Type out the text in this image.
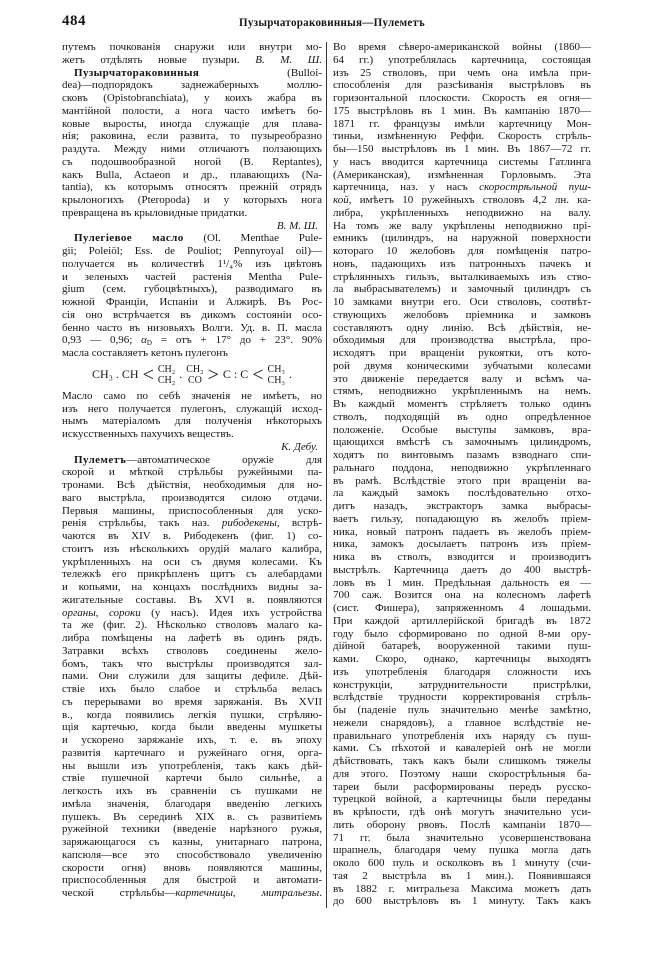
484	Пузырчатораковинныя—Пулеметъ
путемъ почкованія снаружи или внутри мо-
жетъ отдѣлять новые пузыри. В. М. Ш.
Пузырчатораковинныя (Bulloi-
dea)—подпорядокъ заднежаберныхъ моллю-
сковъ (Opistobranchiata), у коихъ жабра въ
мантійной полости, а нога часто имѣетъ бо-
ковые выросты, иногда служащіе для плава-
нія; раковина, если развита, то пузыреобразно
раздута. Между ними отличаютъ ползающихъ
съ подошвообразной ногой (B. Reptantes),
какъ Bulla, Actaeon и др., плавающихъ (Na-
tantia), къ которымъ относятъ прежній отрядъ
крылоногихъ (Pteropoda) и у которыхъ нога
превращена въ крыловидные придатки.
В. М. Ш.
Пулегіевое масло (Ol. Menthae Pule-
gii; Poleiöl; Ess. de Pouliot; Pennyroyal oil)—
получается въ количествѣ 1¹/₄% изъ цвѣтовъ
и зеленыхъ частей растенія Mentha Pule-
gium (сем. губоцвѣтныхъ), разводимаго въ
южной Франціи, Испаніи и Алжирѣ. Въ Рос-
сія оно встрѣчается въ дикомъ состояніи осо-
бенно часто въ низовьяхъ Волги. Уд. в. П. масла
0,93 — 0,96; $\alpha_D$ = отъ + 17° до + 23°. 90%
масла составляетъ кетонъ пулегонъ
CH₃ . CH < CH₂
CH₂ . CH₂
CO > C : C < CH₃
CH₃ .
Масло само по себѣ значенія не имѣетъ, но
изъ него получается пулегонъ, служащій исход-
нымъ матеріаломъ для полученія нѣкоторыхъ
искусственныхъ пахучихъ веществъ.
К. Дебу.
Пулеметъ—автоматическое оружіе для
скорой и мѣткой стрѣльбы ружейными па-
тронами. Всѣ дѣйствія, необходимыя для но-
ваго выстрѣла, производятся силою отдачи.
Первыя машины, приспособленныя для уско-
ренія стрѣльбы, такъ наз. рибодекены, встрѣ-
чаются въ XIV в. Рибодекенъ (фиг. 1) со-
стоитъ изъ нѣсколькихъ орудій малаго калибра,
укрѣпленныхъ на оси съ двумя колесами. Къ
тележкѣ его прикрѣпленъ щитъ съ алебардами
и копьями, на концахъ послѣднихъ видны за-
жигательные составы. Въ XVI в. появляются
органы, сороки (у насъ). Идея ихъ устройства
та же (фиг. 2). Нѣсколько стволовъ малаго ка-
либра помѣщены на лафетѣ въ одинъ рядъ.
Затравки всѣхъ стволовъ соединены жело-
бомъ, такъ что выстрѣлы производятся зал-
пами. Они служили для защиты дефиле. Дѣй-
ствіе ихъ было слабое и стрѣльба велась
съ перерывами во время заряжанія. Въ XVII
в., когда появились легкія пушки, стрѣляю-
щія картечью, когда были введены мушкеты
и ускорено заряжаніе ихъ, т. е. въ эпоху
развитія картечнаго и ружейнаго огня, орга-
ны вышли изъ употребленія, такъ какъ дѣй-
ствіе пушечной картечи было сильнѣе, а
легкость ихъ въ сравненіи съ пушками не
имѣла значенія, благодаря введенію легкихъ
пушекъ. Въ серединѣ XIX в. съ развитіемъ
ружейной техники (введеніе нарѣзного ружья,
заряжающагося съ казны, унитарнаго патрона,
капсюля—все это способствовало увеличенію
скорости огня) вновь появляются машины,
приспособленныя для быстрой и автомати-
ческой стрѣльбы—картечницы, митральезы.
Во время сѣверо-американской войны (1860—
64 гг.) употреблялась картечница, состоящая
изъ 25 стволовъ, при чемъ она имѣла при-
способленія для разсѣиванія выстрѣловъ въ
горизонтальной плоскости. Скорость ея огня—
175 выстрѣловъ въ 1 мин. Въ кампанію 1870—
1871 гг. французы имѣли картечницу Мон-
тиньи, измѣненную Реффи. Скорость стрѣль-
бы—150 выстрѣловъ въ 1 мин. Въ 1867—72 гг.
у насъ вводится картечница системы Гатлинга
(Американская), измѣненная Горловымъ. Эта
картечница, наз. у насъ скорострѣльной пуш-
кой, имѣетъ 10 ружейныхъ стволовъ 4,2 лн. ка-
либра, укрѣпленныхъ неподвижно на валу.
На томъ же валу укрѣплены неподвижно прі-
емникъ (цилиндръ, на наружной поверхности
котораго 10 желобовъ для помѣщенія патро-
новъ, падающихъ изъ патронныхъ пачекъ и
стрѣлянныхъ гильзъ, выталкиваемыхъ изъ ство-
ла выбрасывателемъ) и замочный цилиндръ съ
10 замками внутри его. Оси стволовъ, соотвѣт-
ствующихъ желобовъ пріемника и замковъ
составляютъ одну линію. Всѣ дѣйствія, не-
обходимыя для производства выстрѣла, про-
исходятъ при вращеніи рукоятки, отъ кото-
рой двумя коническими зубчатыми колесами
это движеніе передается валу и всѣмъ ча-
стямъ, неподвижно укрѣпленнымъ на немъ.
Въ каждый моментъ стрѣляетъ только одинъ
стволъ, подходящій въ одно опредѣленное
положеніе. Особые выступы замковъ, вра-
щающихся вмѣстѣ съ замочнымъ цилиндромъ,
ходятъ по винтовымъ пазамъ взводнаго спи-
ральнаго поддона, неподвижно укрѣпленнаго
въ рамѣ. Вслѣдствіе этого при вращеніи ва-
ла каждый замокъ послѣдовательно отхо-
дитъ назадъ, экстракторъ замка выбрасы-
ваетъ гильзу, попадающую въ желобъ пріем-
ника, новый патронъ падаетъ въ желобъ пріем-
ника, замокъ досылаетъ патронъ изъ пріем-
ника въ стволъ, взводится и производитъ
выстрѣлъ. Картечница даетъ до 400 выстрѣ-
ловъ въ 1 мин. Предѣльная дальность ея —
700 саж. Возится она на колесномъ лафетѣ
(сист. Фишера), запряженномъ 4 лошадьми.
При каждой артиллерійской бригадѣ въ 1872
году было сформировано по одной 8-ми ору-
дійной батареѣ, вооруженной такими пуш-
ками. Скоро, однако, картечницы выходятъ
изъ употребленія благодаря сложности ихъ
конструкціи, затруднительности пристрѣлки,
вслѣдствіе трудности корректированія стрѣль-
бы (паденіе пуль значительно менѣе замѣтно,
нежели снарядовъ), а главное вслѣдствіе не-
правильнаго употребленія ихъ наряду съ пуш-
ками. Съ пѣхотой и кавалеріей онѣ не могли
дѣйствовать, такъ какъ были слишкомъ тяжелы
для этого. Поэтому наши скорострѣльныя ба-
тареи были расформированы передъ русско-
турецкой войной, а картечницы были переданы
въ крѣпости, гдѣ онѣ могутъ значительно уси-
лить оборону рвовъ. Послѣ кампаніи 1870—
71 гг. была значительно усовершенствована
шрапнель, благодаря чему пушка могла дать
около 600 пуль и осколковъ въ 1 минуту (счи-
тая 2 выстрѣла въ 1 мин.). Появившаяся
въ 1882 г. митральеза Максима можетъ дать
до 600 выстрѣловъ въ 1 минуту. Такъ какъ
